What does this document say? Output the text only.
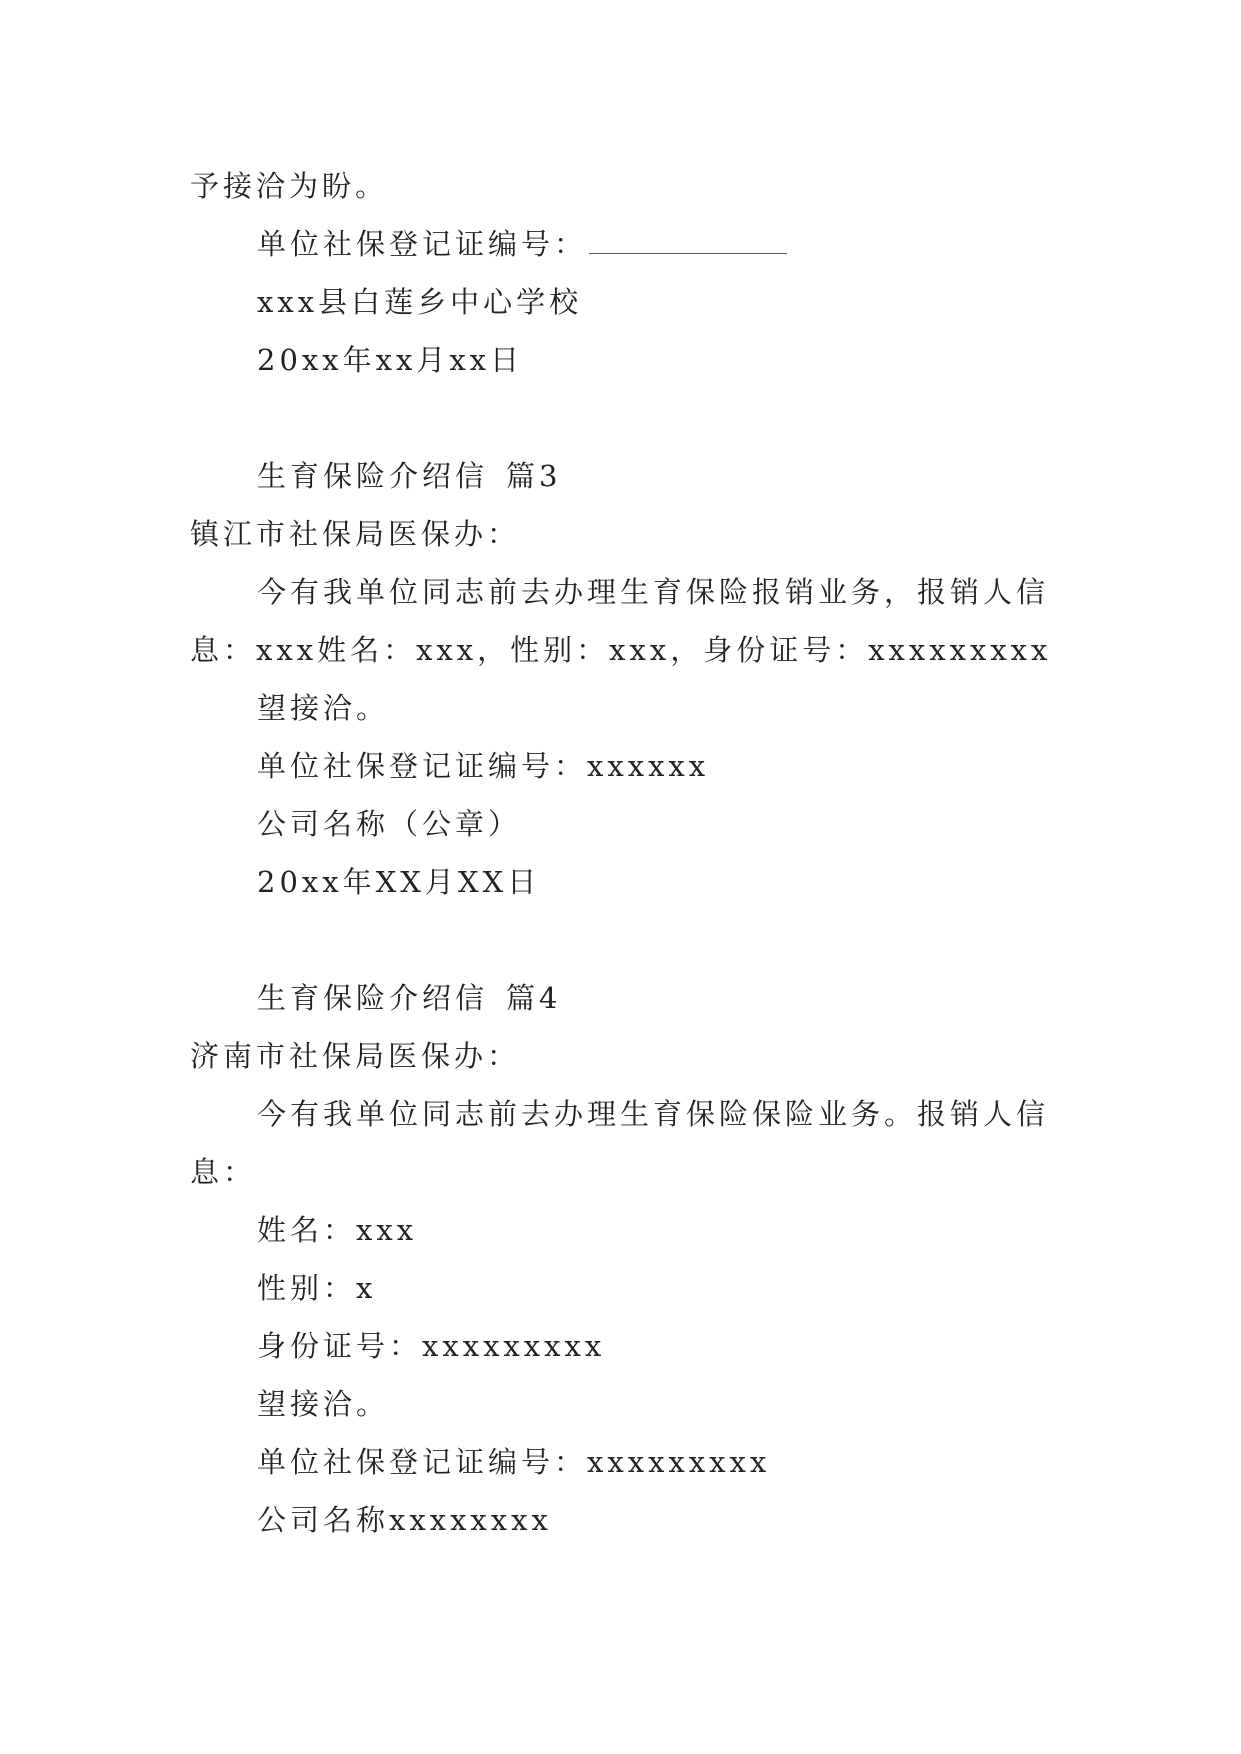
予接洽为盼。
单位社保登记证编号：
xxx县白莲乡中心学校
20xx年xx月xx日
生育保险介绍信 篇3
镇江市社保局医保办：
今有我单位同志前去办理生育保险报销业务，报销人信
息：xxx姓名：xxx，性别：xxx，身份证号：xxxxxxxxx
望接洽。
单位社保登记证编号：xxxxxx
公司名称（公章）
20xx年XX月XX日
生育保险介绍信 篇4
济南市社保局医保办：
今有我单位同志前去办理生育保险保险业务。报销人信
息：
姓名：xxx
性别：x
身份证号：xxxxxxxxx
望接洽。
单位社保登记证编号：xxxxxxxxx
公司名称xxxxxxxx
